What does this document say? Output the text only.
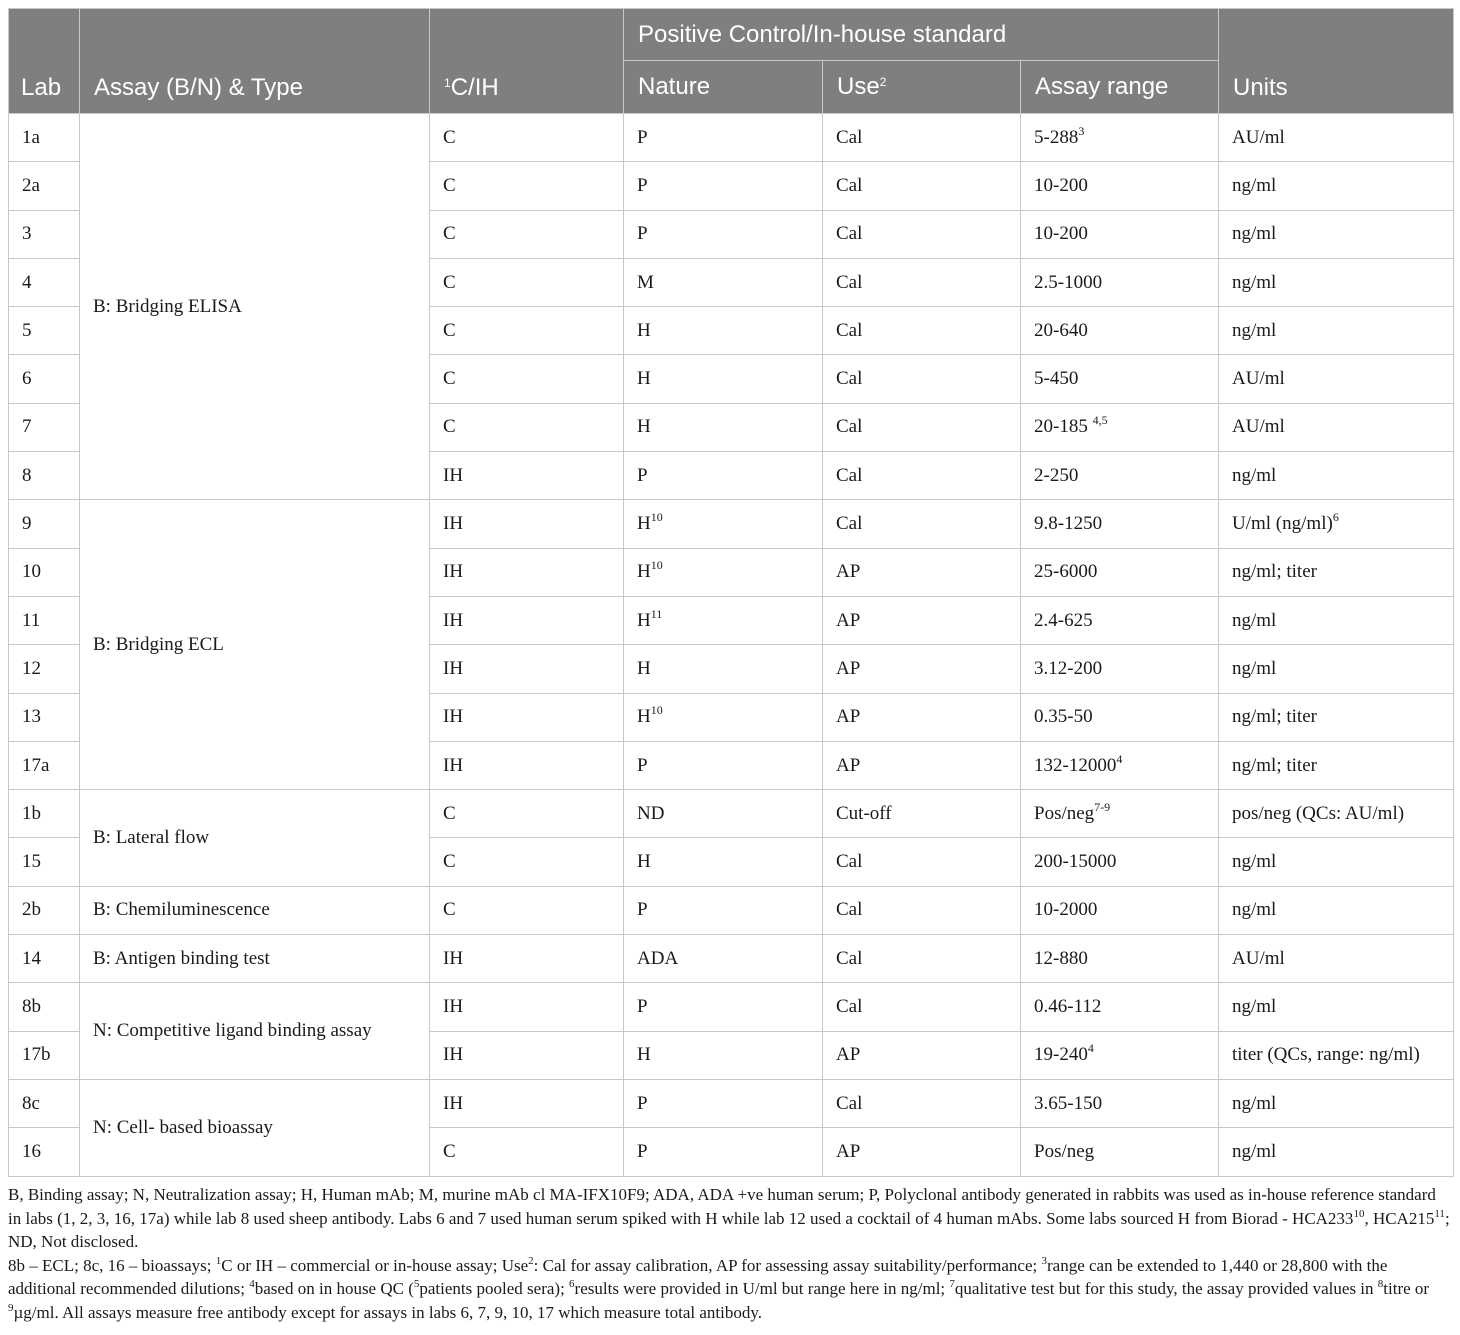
Lab	Assay (B/N) & Type	$^1$C/IH	Positive Control/In-house standard			Units
			Nature	Use$^2$	Assay range	
1a	B: Bridging ELISA	C	P	Cal	$5-288^3$	AU/ml
2a		C	P	Cal	10-200	ng/ml
3		C	P	Cal	10-200	ng/ml
4		C	M	Cal	2.5-1000	ng/ml
5		C	H	Cal	20-640	ng/ml
6		C	H	Cal	5-450	AU/ml
7		C	H	Cal	20-185 $^{4,5}$	AU/ml
8		IH	P	Cal	2-250	ng/ml
9	B: Bridging ECL	IH	$H^{10}$	Cal	9.8-1250	U/ml $(ng/ml)^6$
10		IH	$H^{10}$	AP	25-6000	ng/ml; titer
11		IH	$H^{11}$	AP	2.4-625	ng/ml
12		IH	H	AP	3.12-200	ng/ml
13		IH	$H^{10}$	AP	0.35-50	ng/ml; titer
17a		IH	P	AP	132-12000$^4$	ng/ml; titer
1b	B: Lateral flow	C	ND	Cut-off	Pos/neg$^{7-9}$	pos/neg (QCs: AU/ml)
15		C	H	Cal	200-15000	ng/ml
2b	B: Chemiluminescence	C	P	Cal	10-2000	ng/ml
14	B: Antigen binding test	IH	ADA	Cal	12-880	AU/ml
8b	N: Competitive ligand binding assay	IH	P	Cal	0.46-112	ng/ml
17b		IH	H	AP	$19-240^4$	titer (QCs, range: ng/ml)
8c	N: Cell- based bioassay	IH	P	Cal	3.65-150	ng/ml
16		C	P	AP	Pos/neg	ng/ml

B, Binding assay; N, Neutralization assay; H, Human mAb; M, murine mAb cl MA-IFX10F9; ADA, ADA +ve human serum; P, Polyclonal antibody generated in rabbits was used as in-house reference standard in labs (1, 2, 3, 16, 17a) while lab 8 used sheep antibody. Labs 6 and 7 used human serum spiked with H while lab 12 used a cocktail of 4 human mAbs. Some labs sourced H from Biorad - $HCA233^{10}$, $HCA215^{11}$; ND, Not disclosed.

8b – ECL; 8c, 16 – bioassays; $^1$C or IH – commercial or in-house assay; Use$^2$: Cal for assay calibration, AP for assessing assay suitability/performance; $^3$range can be extended to 1,440 or 28,800 with the additional recommended dilutions; $^4$based on in house QC ($^5$patients pooled sera); $^6$results were provided in U/ml but range here in ng/ml; $^7$qualitative test but for this study, the assay provided values in $^8$titre or $^9$µg/ml. All assays measure free antibody except for assays in labs 6, 7, 9, 10, 17 which measure total antibody.
